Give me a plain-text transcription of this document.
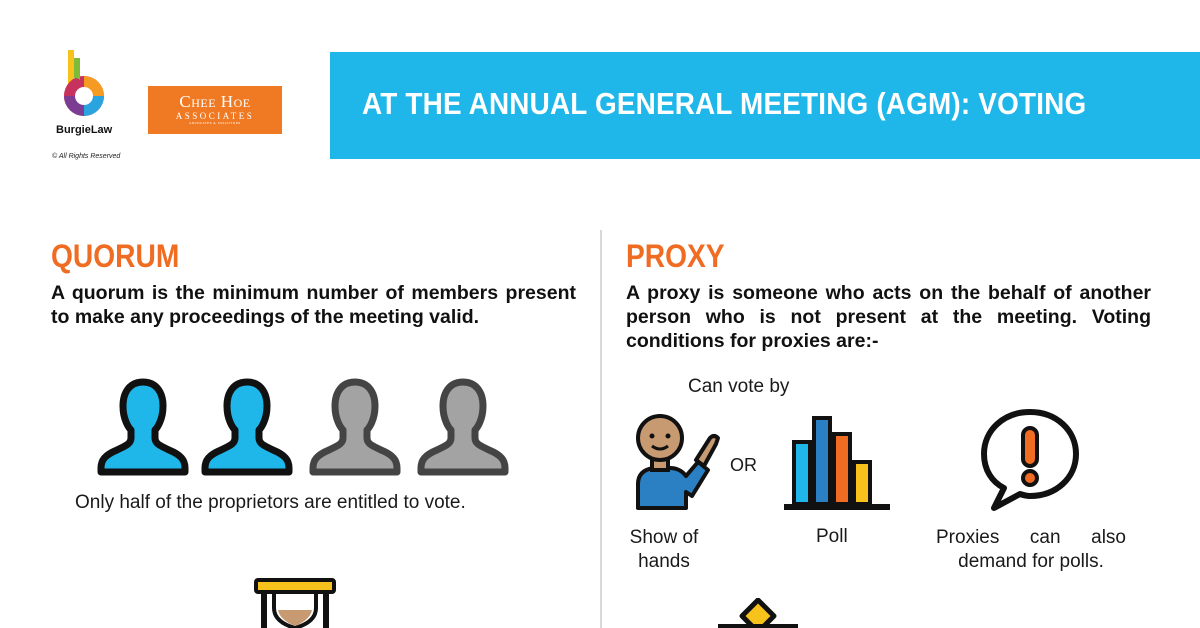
BurgieLaw
© All Rights Reserved
Chee Hoe
ASSOCIATES
ADVOCATES & SOLICITORS
AT THE ANNUAL GENERAL MEETING (AGM): VOTING
QUORUM
A quorum is the minimum number of members present to make any proceedings of the meeting valid.
Only half of the proprietors are entitled to vote.
PROXY
A proxy is someone who acts on the behalf of another person who is not present at the meeting. Voting conditions for proxies are:-
Can vote by
OR
Show of hands
Poll	Proxies can also demand for polls.
